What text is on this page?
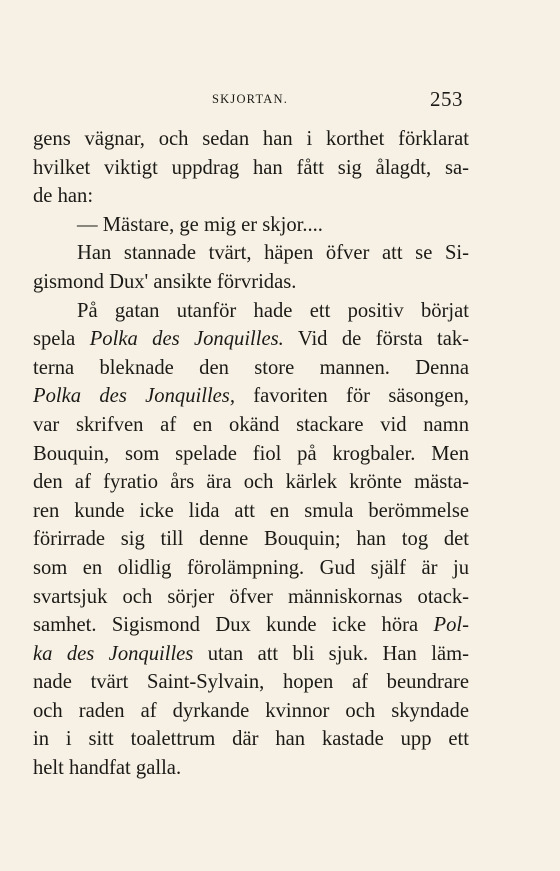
SKJORTAN.	253
gens vägnar, och sedan han i korthet förklarat
hvilket viktigt uppdrag han fått sig ålagdt, sa-
de han:
— Mästare, ge mig er skjor....
Han stannade tvärt, häpen öfver att se Si-
gismond Dux' ansikte förvridas.
På gatan utanför hade ett positiv börjat
spela Polka des Jonquilles. Vid de första tak-
terna bleknade den store mannen. Denna
Polka des Jonquilles, favoriten för säsongen,
var skrifven af en okänd stackare vid namn
Bouquin, som spelade fiol på krogbaler. Men
den af fyratio års ära och kärlek krönte mästa-
ren kunde icke lida att en smula berömmelse
förirrade sig till denne Bouquin; han tog det
som en olidlig förolämpning. Gud själf är ju
svartsjuk och sörjer öfver människornas otack-
samhet. Sigismond Dux kunde icke höra Pol-
ka des Jonquilles utan att bli sjuk. Han läm-
nade tvärt Saint-Sylvain, hopen af beundrare
och raden af dyrkande kvinnor och skyndade
in i sitt toalettrum där han kastade upp ett
helt handfat galla.
